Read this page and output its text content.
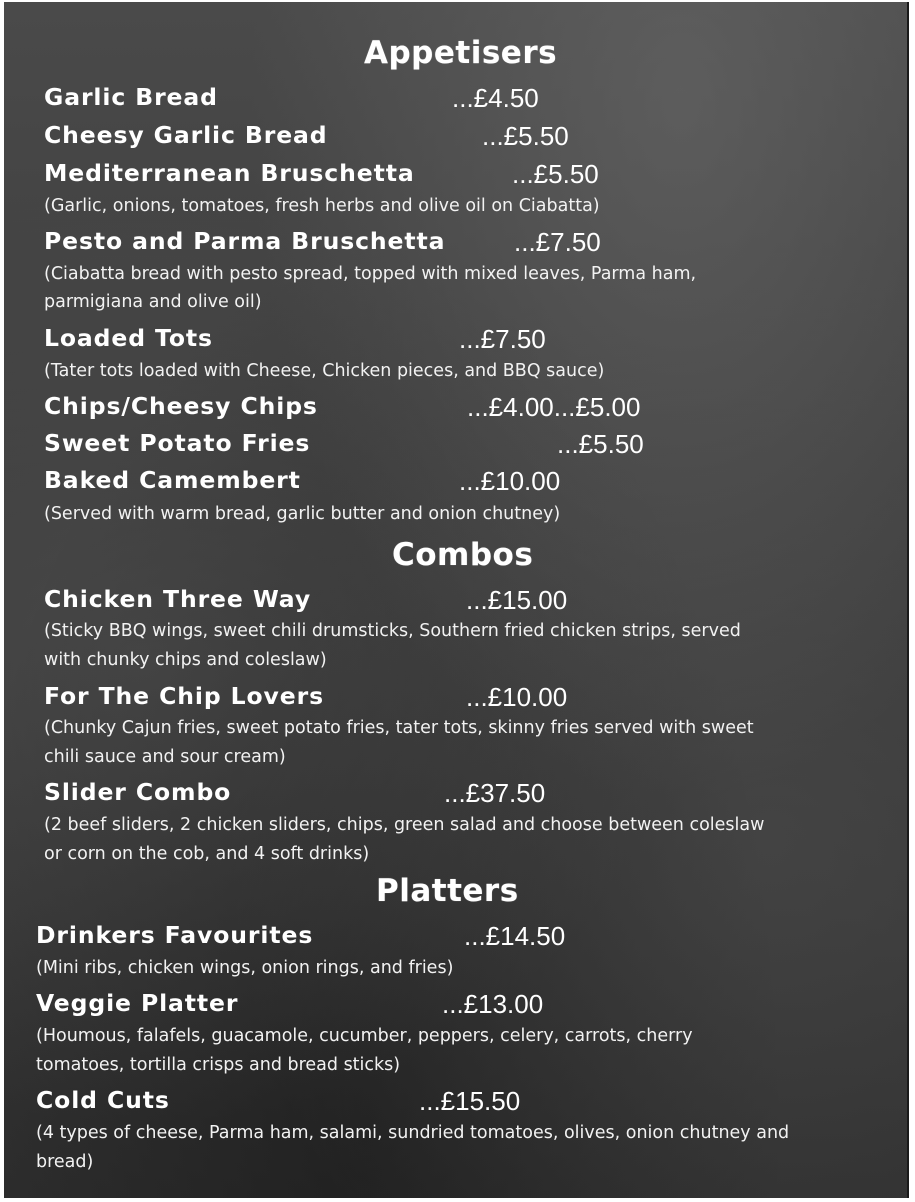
Appetisers
Garlic Bread	...£4.50
Cheesy Garlic Bread	...£5.50
Mediterranean Bruschetta	...£5.50
(Garlic, onions, tomatoes, fresh herbs and olive oil on Ciabatta)
Pesto and Parma Bruschetta	...£7.50
(Ciabatta bread with pesto spread, topped with mixed leaves, Parma ham,
parmigiana and olive oil)
Loaded Tots	...£7.50
(Tater tots loaded with Cheese, Chicken pieces, and BBQ sauce)
Chips/Cheesy Chips	...£4.00...£5.00
Sweet Potato Fries	...£5.50
Baked Camembert	...£10.00
(Served with warm bread, garlic butter and onion chutney)
Combos
Chicken Three Way	...£15.00
(Sticky BBQ wings, sweet chili drumsticks, Southern fried chicken strips, served
with chunky chips and coleslaw)
For The Chip Lovers	...£10.00
(Chunky Cajun fries, sweet potato fries, tater tots, skinny fries served with sweet
chili sauce and sour cream)
Slider Combo	...£37.50
(2 beef sliders, 2 chicken sliders, chips, green salad and choose between coleslaw
or corn on the cob, and 4 soft drinks)
Platters
Drinkers Favourites	...£14.50
(Mini ribs, chicken wings, onion rings, and fries)
Veggie Platter	...£13.00
(Houmous, falafels, guacamole, cucumber, peppers, celery, carrots, cherry
tomatoes, tortilla crisps and bread sticks)
Cold Cuts	...£15.50
(4 types of cheese, Parma ham, salami, sundried tomatoes, olives, onion chutney and
bread)
